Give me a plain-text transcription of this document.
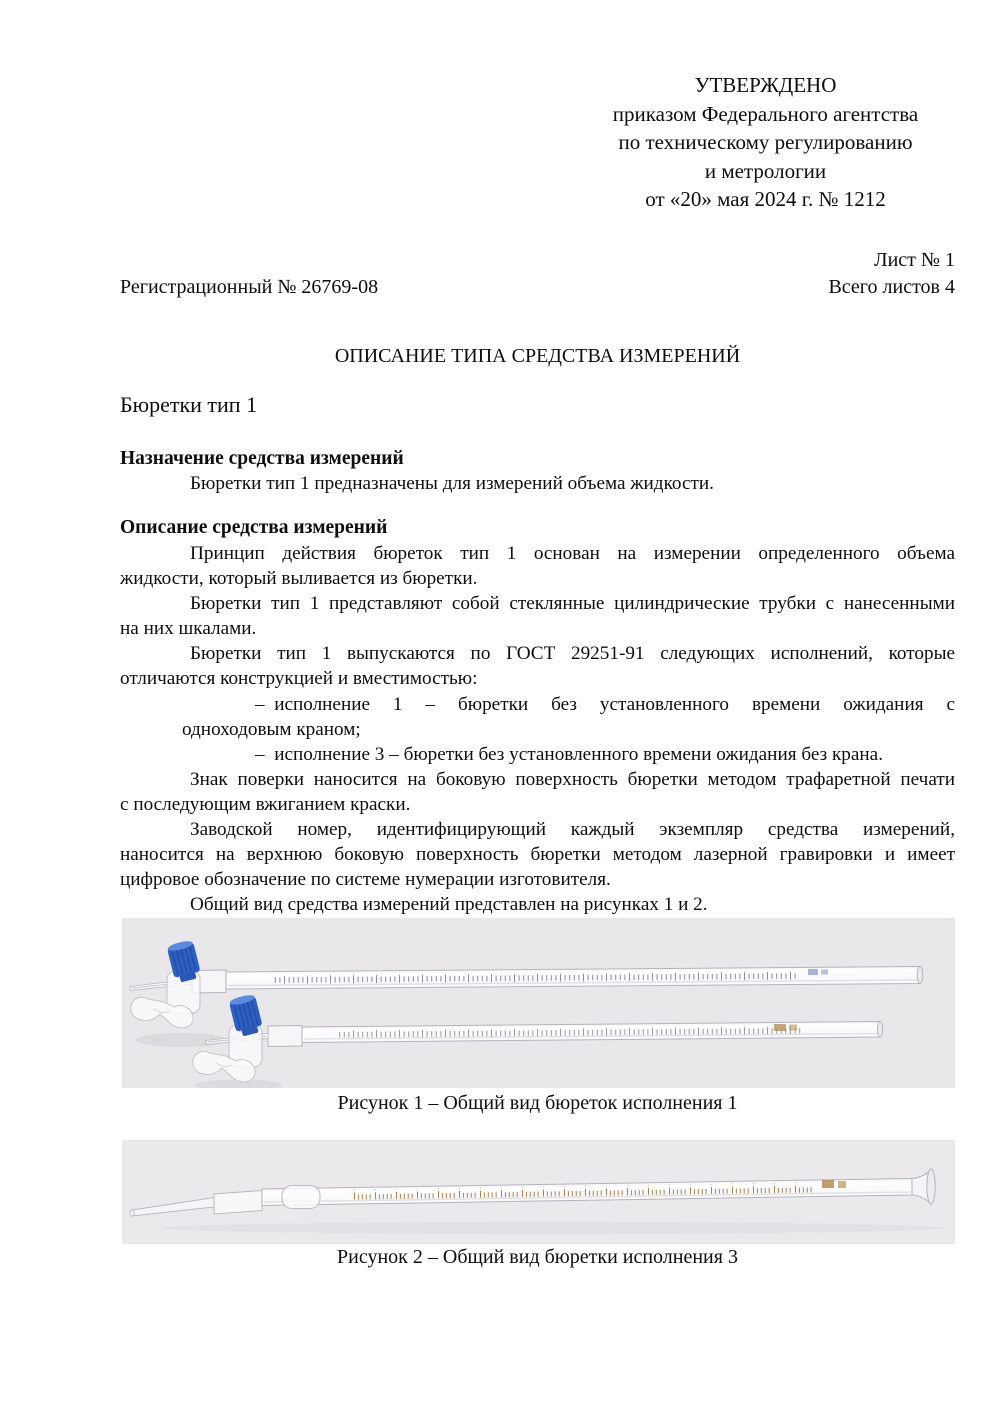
УТВЕРЖДЕНО
приказом Федерального агентства
по техническому регулированию
и метрологии
от «20» мая 2024 г. № 1212
Лист № 1
Регистрационный № 26769-08	Всего листов 4
ОПИСАНИЕ ТИПА СРЕДСТВА ИЗМЕРЕНИЙ
Бюретки тип 1
Назначение средства измерений
Бюретки тип 1 предназначены для измерений объема жидкости.
Описание средства измерений
Принцип действия бюреток тип 1 основан на измерении определенного объема
жидкости, который выливается из бюретки.
Бюретки тип 1 представляют собой стеклянные цилиндрические трубки с нанесенными
на них шкалами.
Бюретки тип 1 выпускаются по ГОСТ 29251-91 следующих исполнений, которые
отличаются конструкцией и вместимостью:
– исполнение 1 – бюретки без установленного времени ожидания с
одноходовым краном;
– исполнение 3 – бюретки без установленного времени ожидания без крана.
Знак поверки наносится на боковую поверхность бюретки методом трафаретной печати
с последующим вжиганием краски.
Заводской номер, идентифицирующий каждый экземпляр средства измерений,
наносится на верхнюю боковую поверхность бюретки методом лазерной гравировки и имеет
цифровое обозначение по системе нумерации изготовителя.
Общий вид средства измерений представлен на рисунках 1 и 2.
Рисунок 1 – Общий вид бюреток исполнения 1
Рисунок 2 – Общий вид бюретки исполнения 3
